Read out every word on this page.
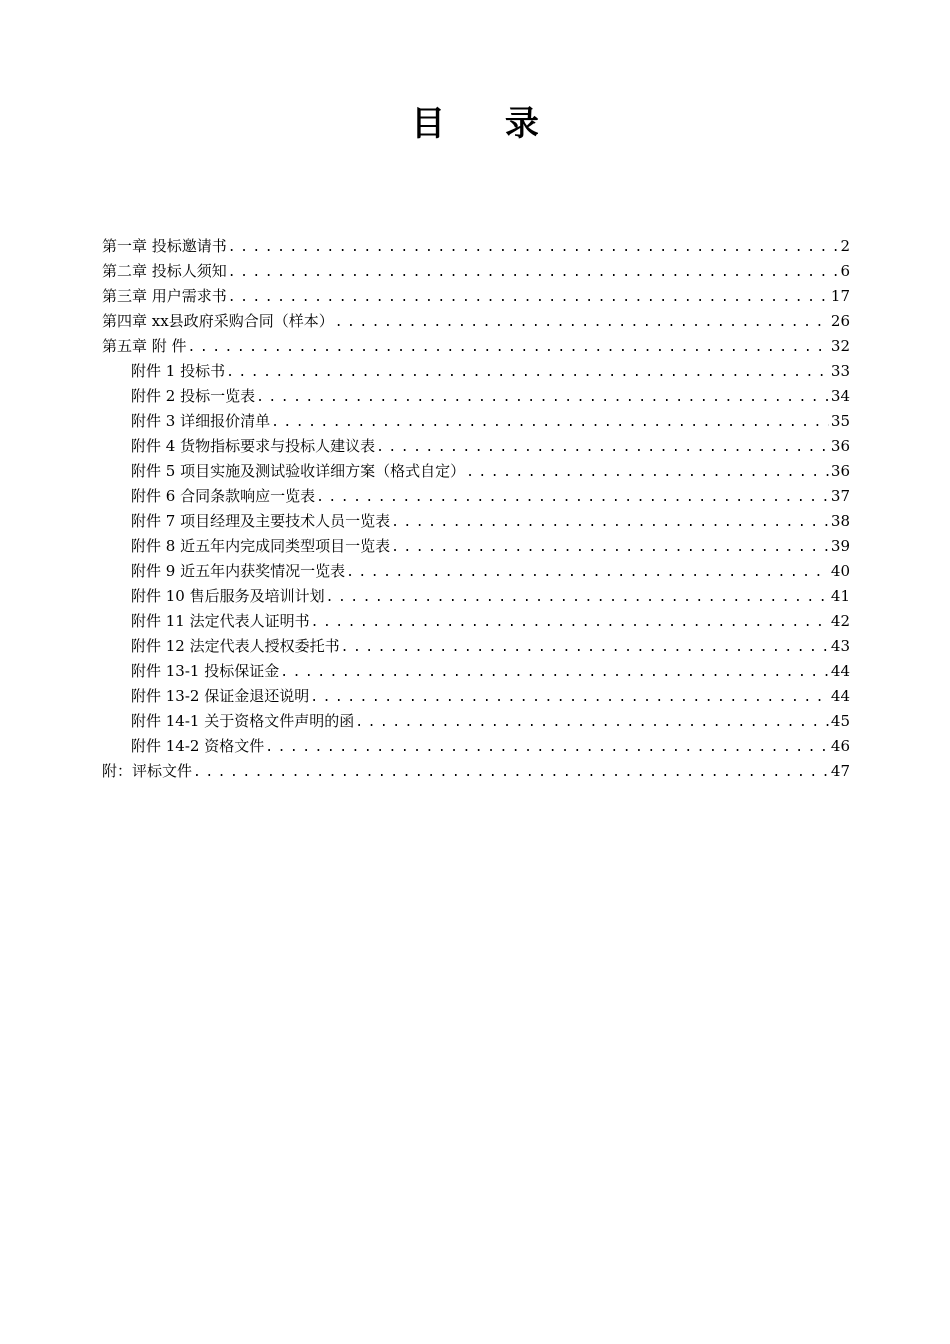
目 录
第一章 投标邀请书 .....	2
第二章 投标人须知 .....	6
第三章 用户需求书 .....	17
第四章 xx县政府采购合同（样本） .....	26
第五章 附 件 .....	32
附件 1 投标书 .....	33
附件 2 投标一览表 .....	34
附件 3 详细报价清单 .....	35
附件 4 货物指标要求与投标人建议表 .....	36
附件 5 项目实施及测试验收详细方案（格式自定） .....	36
附件 6 合同条款响应一览表 .....	37
附件 7 项目经理及主要技术人员一览表 .....	38
附件 8 近五年内完成同类型项目一览表 .....	39
附件 9 近五年内获奖情况一览表 .....	40
附件 10 售后服务及培训计划 .....	41
附件 11 法定代表人证明书 .....	42
附件 12 法定代表人授权委托书 .....	43
附件 13-1 投标保证金 .....	44
附件 13-2 保证金退还说明 .....	44
附件 14-1 关于资格文件声明的函 .....	45
附件 14-2 资格文件 .....	46
附：评标文件 .....	47
